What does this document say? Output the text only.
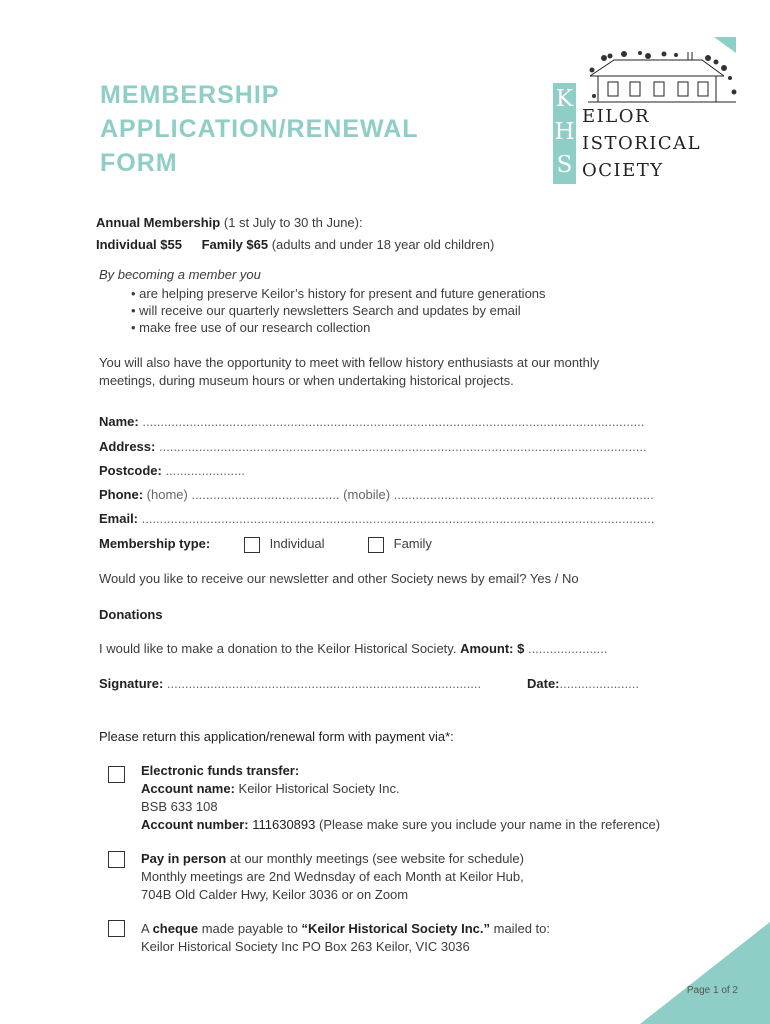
MEMBERSHIP
APPLICATION/RENEWAL
FORM
K
H
S
EILOR
ISTORICAL
OCIETY
Annual Membership (1 st July to 30 th June):
Individual $55 Family $65 (adults and under 18 year old children)
By becoming a member you
• are helping preserve Keilor’s history for present and future generations
• will receive our quarterly newsletters Search and updates by email
• make free use of our research collection
You will also have the opportunity to meet with fellow history enthusiasts at our monthly
meetings, during museum hours or when undertaking historical projects.
Name: ...........................................................................................................................................
Address: .......................................................................................................................................
Postcode: ......................
Phone: (home) ......................................... (mobile) ........................................................................
Email: ..............................................................................................................................................
Membership type:	Individual	Family
Would you like to receive our newsletter and other Society news by email? Yes / No
Donations
I would like to make a donation to the Keilor Historical Society. Amount: $ ......................
Signature: .......................................................................................	Date:......................
Please return this application/renewal form with payment via*:
Electronic funds transfer:
Account name: Keilor Historical Society Inc.
BSB 633 108
Account number: 111630893 (Please make sure you include your name in the reference)
Pay in person at our monthly meetings (see website for schedule)
Monthly meetings are 2nd Wednsday of each Month at Keilor Hub,
704B Old Calder Hwy, Keilor 3036 or on Zoom
A cheque made payable to “Keilor Historical Society Inc.” mailed to:
Keilor Historical Society Inc PO Box 263 Keilor, VIC 3036
Page 1 of 2
